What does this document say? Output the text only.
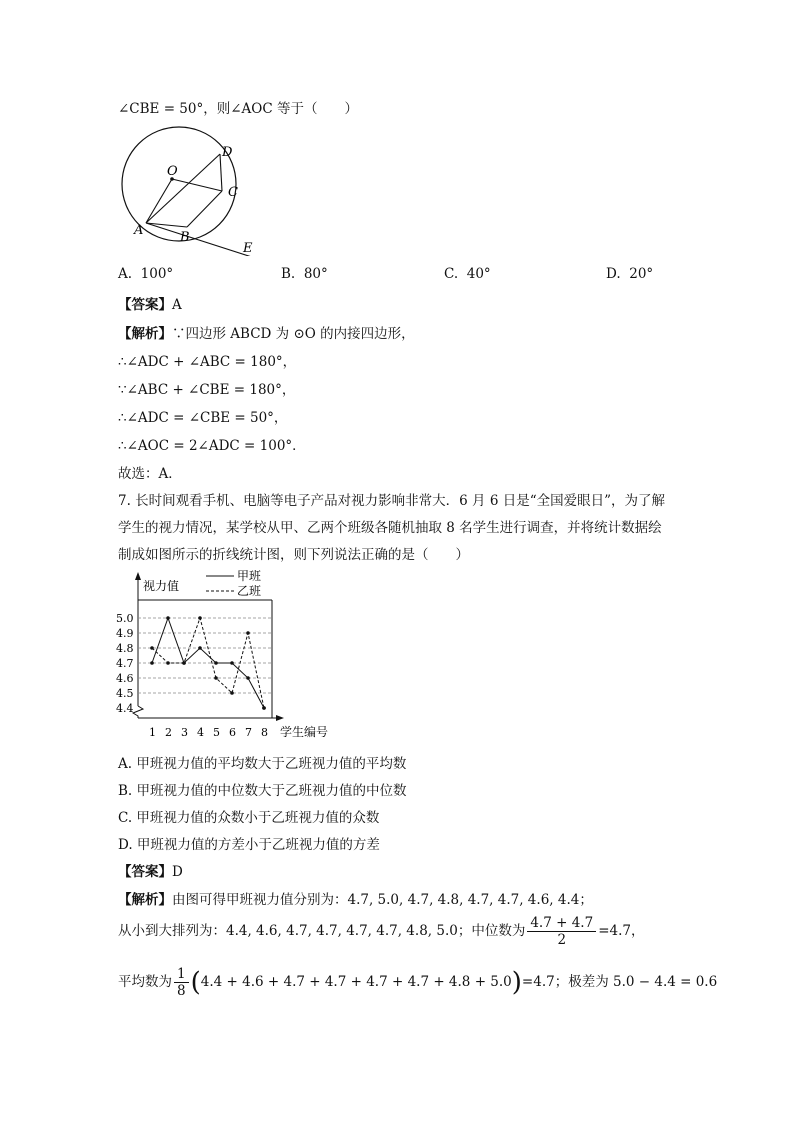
∠CBE = 50°，则∠AOC 等于（　　）
D
O
C
A	B
E
A. 100°	B. 80°	C. 40°	D. 20°
【答案】A
【解析】∵四边形 ABCD 为 ⊙O 的内接四边形，
∴∠ADC + ∠ABC = 180°，
∵∠ABC + ∠CBE = 180°，
∴∠ADC = ∠CBE = 50°，
∴∠AOC = 2∠ADC = 100°．
故选：A．
7. 长时间观看手机、电脑等电子产品对视力影响非常大．6 月 6 日是“全国爱眼日”，为了解
学生的视力情况，某学校从甲、乙两个班级各随机抽取 8 名学生进行调查，并将统计数据绘
制成如图所示的折线统计图，则下列说法正确的是（　　）
5.0
4.9
4.8
4.7
4.6
4.5
4.4
1 2 3 4 5 6 7 8
视力值
学生编号
甲班
乙班
A. 甲班视力值的平均数大于乙班视力值的平均数
B. 甲班视力值的中位数大于乙班视力值的中位数
C. 甲班视力值的众数小于乙班视力值的众数
D. 甲班视力值的方差小于乙班视力值的方差
【答案】D
【解析】由图可得甲班视力值分别为：4.7, 5.0, 4.7, 4.8, 4.7, 4.7, 4.6, 4.4；
从小到大排列为：4.4, 4.6, 4.7, 4.7, 4.7, 4.7, 4.8, 5.0；中位数为 $\frac{4.7 + 4.7}{2} =4.7$，
平均数为 $\frac{1}{8} (4.4 + 4.6 + 4.7 + 4.7 + 4.7 + 4.7 + 4.8 + 5.0)=4.7$；极差为 5.0 − 4.4 = 0.6
